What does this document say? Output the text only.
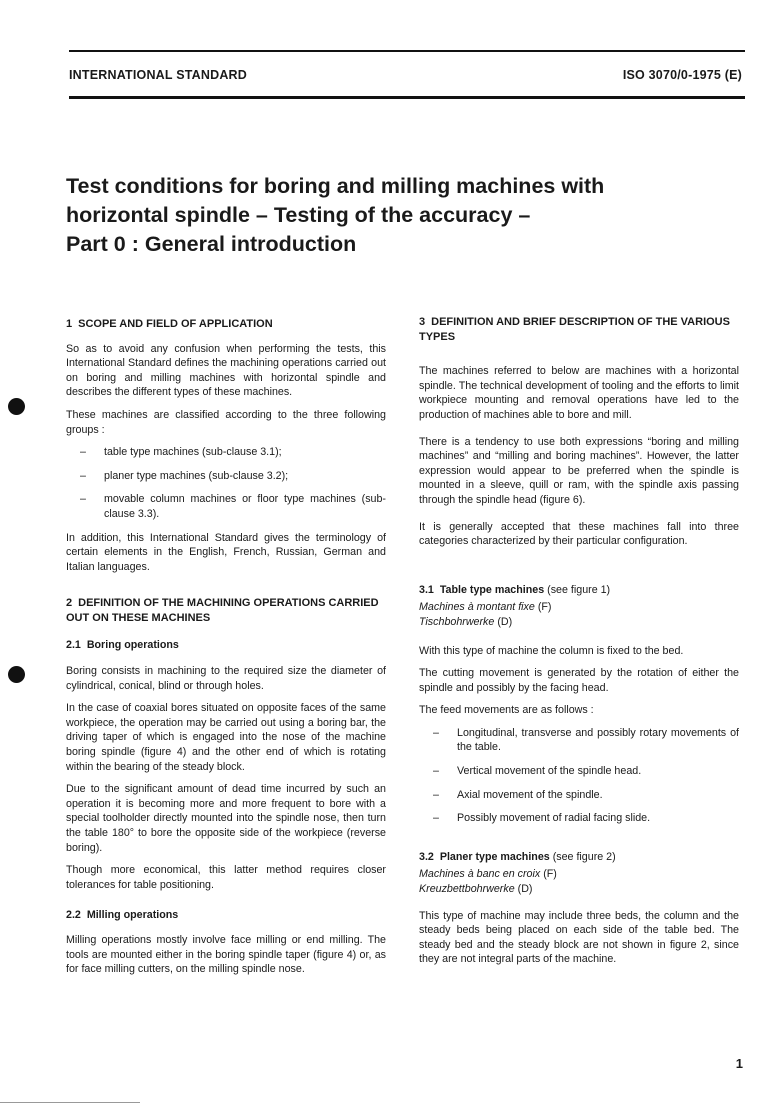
INTERNATIONAL STANDARD	ISO 3070/0-1975 (E)
Test conditions for boring and milling machines with
horizontal spindle – Testing of the accuracy –
Part 0 : General introduction
1 SCOPE AND FIELD OF APPLICATION

So as to avoid any confusion when performing the tests, this International Standard defines the machining operations carried out on boring and milling machines with horizontal spindle and describes the different types of these machines.

These machines are classified according to the three following groups :

–	table type machines (sub-clause 3.1);
–	planer type machines (sub-clause 3.2);
–	movable column machines or floor type machines (sub-clause 3.3).

In addition, this International Standard gives the terminology of certain elements in the English, French, Russian, German and Italian languages.

2 DEFINITION OF THE MACHINING OPERATIONS CARRIED OUT ON THESE MACHINES
2.1 Boring operations

Boring consists in machining to the required size the diameter of cylindrical, conical, blind or through holes.

In the case of coaxial bores situated on opposite faces of the same workpiece, the operation may be carried out using a boring bar, the driving taper of which is engaged into the nose of the machine boring spindle (figure 4) and the other end of which is rotating within the bearing of the steady block.

Due to the significant amount of dead time incurred by such an operation it is becoming more and more frequent to bore with a special toolholder directly mounted into the spindle nose, then turn the table 180° to bore the opposite side of the workpiece (reverse boring).

Though more economical, this latter method requires closer tolerances for table positioning.

2.2 Milling operations

Milling operations mostly involve face milling or end milling. The tools are mounted either in the boring spindle taper (figure 4) or, as for face milling cutters, on the milling spindle nose.

3 DEFINITION AND BRIEF DESCRIPTION OF THE VARIOUS TYPES

The machines referred to below are machines with a horizontal spindle. The technical development of tooling and the efforts to limit workpiece mounting and removal operations have led to the production of machines able to bore and mill.

There is a tendency to use both expressions “boring and milling machines” and “milling and boring machines”. However, the latter expression would appear to be preferred when the spindle is mounted in a sleeve, quill or ram, with the spindle axis passing through the spindle head (figure 6).

It is generally accepted that these machines fall into three categories characterized by their particular configuration.

3.1 Table type machines (see figure 1)
Machines à montant fixe (F)
Tischbohrwerke (D)

With this type of machine the column is fixed to the bed.

The cutting movement is generated by the rotation of either the spindle and possibly by the facing head.

The feed movements are as follows :

–	Longitudinal, transverse and possibly rotary movements of the table.
–	Vertical movement of the spindle head.
–	Axial movement of the spindle.
–	Possibly movement of radial facing slide.
3.2 Planer type machines (see figure 2)
Machines à banc en croix (F)
Kreuzbettbohrwerke (D)

This type of machine may include three beds, the column and the steady beds being placed on each side of the table bed. The steady bed and the steady block are not shown in figure 2, since they are not integral parts of the machine.

1
